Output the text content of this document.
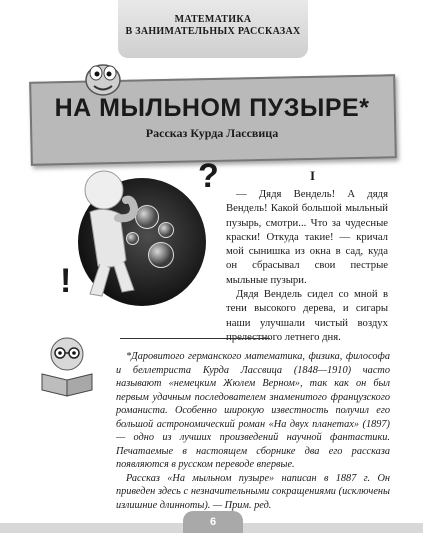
МАТЕМАТИКА
В ЗАНИМАТЕЛЬНЫХ РАССКАЗАХ
НА МЫЛЬНОМ ПУЗЫРЕ*
Рассказ Курда Лассвица
?
!
I

— Дядя Вендель! А дядя Вендель! Какой большой мыльный пузырь, смотри... Что за чудесные краски! Откуда такие! — кричал мой сынишка из окна в сад, куда он сбрасывал свои пестрые мыльные пузыри.

Дядя Вендель сидел со мной в тени высокого дерева, и сигары наши улучшали чистый воздух прелестного летнего дня.

*Даровитого германского математика, физика, философа и беллетриста Курда Лассвица (1848—1910) часто называют «немецким Жюлем Верном», так как он был первым удачным последователем знаменитого французского романиста. Особенно широкую известность получил его большой астрономический роман «На двух планетах» (1897) — одно из лучших произведений научной фантастики. Печатаемые в настоящем сборнике два его рассказа появляются в русском переводе впервые.

Рассказ «На мыльном пузыре» написан в 1887 г. Он приведен здесь с незначительными сокращениями (исключены излишние длинноты). — Прим. ред.

6
